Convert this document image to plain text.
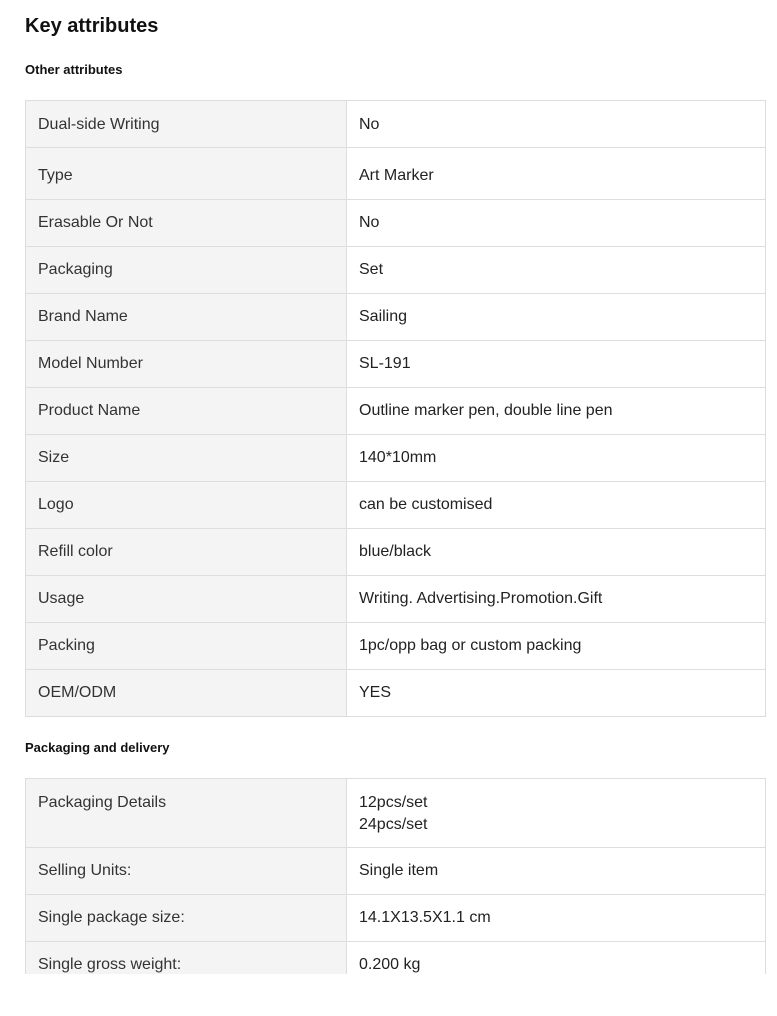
Key attributes
Other attributes
Dual-side Writing	No
Type	Art Marker
Erasable Or Not	No
Packaging	Set
Brand Name	Sailing
Model Number	SL-191
Product Name	Outline marker pen, double line pen
Size	140*10mm
Logo	can be customised
Refill color	blue/black
Usage	Writing. Advertising.Promotion.Gift
Packing	1pc/opp bag or custom packing
OEM/ODM	YES
Packaging and delivery
Packaging Details	12pcs/set
24pcs/set

Selling Units:	Single item
Single package size:	14.1X13.5X1.1 cm
Single gross weight:	0.200 kg
